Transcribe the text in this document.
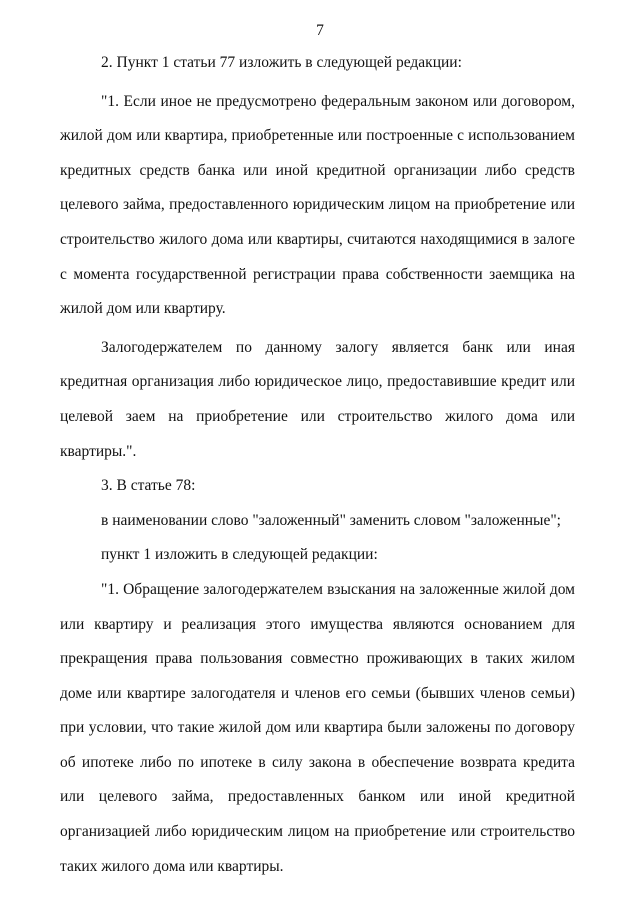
7

2. Пункт 1 статьи 77 изложить в следующей редакции:

"1. Если иное не предусмотрено федеральным законом или договором, жилой дом или квартира, приобретенные или построенные с использованием кредитных средств банка или иной кредитной организации либо средств целевого займа, предоставленного юридическим лицом на приобретение или строительство жилого дома или квартиры, считаются находящимися в залоге с момента государственной регистрации права собственности заемщика на жилой дом или квартиру.

Залогодержателем по данному залогу является банк или иная кредитная организация либо юридическое лицо, предоставившие кредит или целевой заем на приобретение или строительство жилого дома или квартиры.".

3. В статье 78:

в наименовании слово "заложенный" заменить словом "заложенные";

пункт 1 изложить в следующей редакции:

"1. Обращение залогодержателем взыскания на заложенные жилой дом или квартиру и реализация этого имущества являются основанием для прекращения права пользования совместно проживающих в таких жилом доме или квартире залогодателя и членов его семьи (бывших членов семьи) при условии, что такие жилой дом или квартира были заложены по договору об ипотеке либо по ипотеке в силу закона в обеспечение возврата кредита или целевого займа, предоставленных банком или иной кредитной организацией либо юридическим лицом на приобретение или строительство таких жилого дома или квартиры.
